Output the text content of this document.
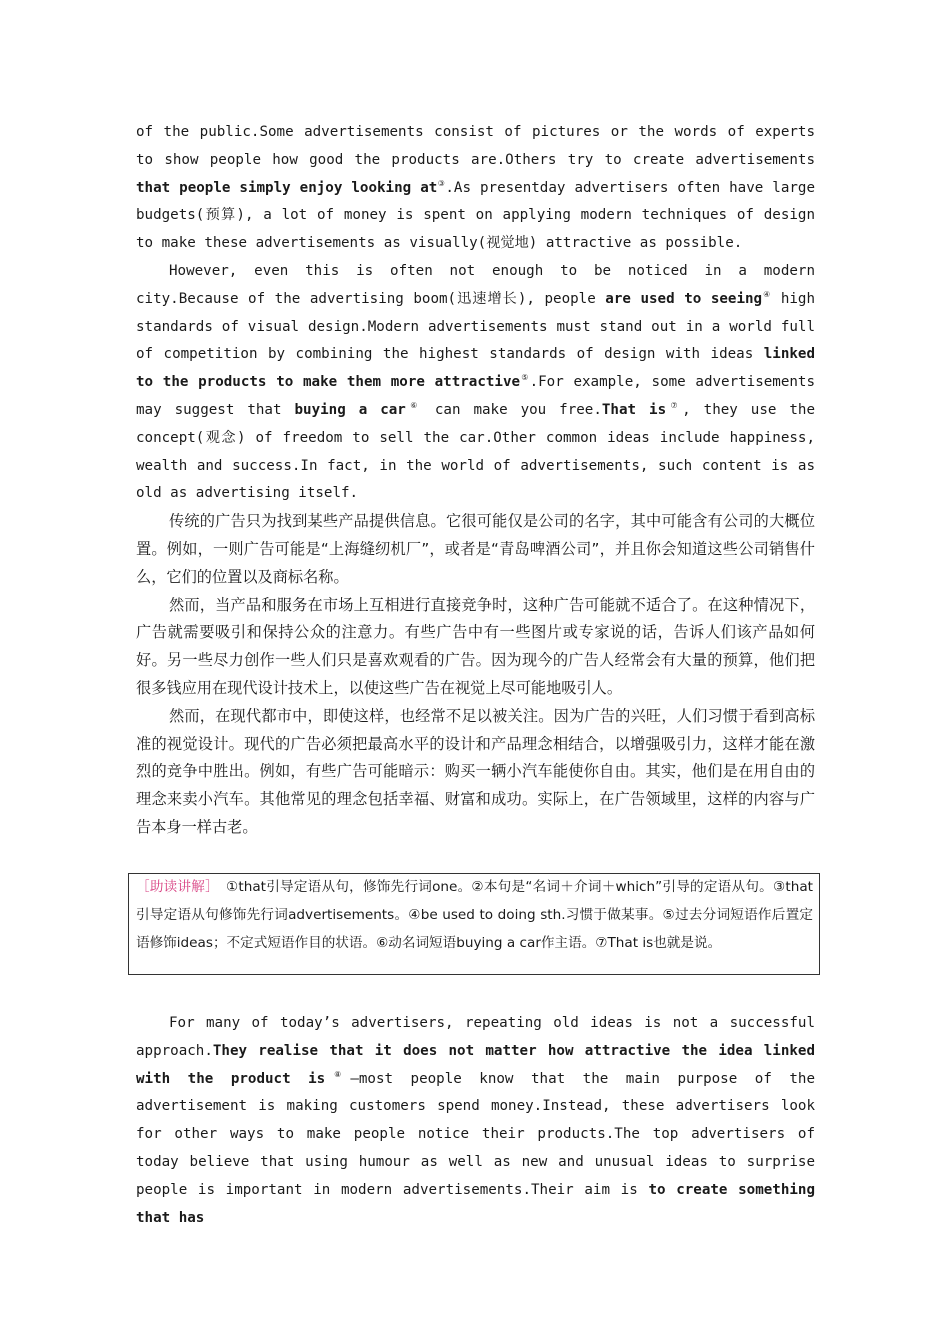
of the public.Some advertisements consist of pictures or the words of experts to show people how good the products are.Others try to create advertisements that people simply enjoy looking at③.As presentday advertisers often have large budgets(预算), a lot of money is spent on applying modern techniques of design to make these advertisements as visually(视觉地) attractive as possible.

However, even this is often not enough to be noticed in a modern city.Because of the advertising boom(迅速增长), people are used to seeing④ high standards of visual design.Modern advertisements must stand out in a world full of competition by combining the highest standards of design with ideas linked to the products to make them more attractive⑤.For example, some advertisements may suggest that buying a car⑥ can make you free.That is⑦, they use the concept(观念) of freedom to sell the car.Other common ideas include happiness, wealth and success.In fact, in the world of advertisements, such content is as old as advertising itself.

传统的广告只为找到某些产品提供信息。它很可能仅是公司的名字，其中可能含有公司的大概位置。例如，一则广告可能是“上海缝纫机厂”，或者是“青岛啤酒公司”，并且你会知道这些公司销售什么，它们的位置以及商标名称。

然而，当产品和服务在市场上互相进行直接竞争时，这种广告可能就不适合了。在这种情况下，广告就需要吸引和保持公众的注意力。有些广告中有一些图片或专家说的话，告诉人们该产品如何好。另一些尽力创作一些人们只是喜欢观看的广告。因为现今的广告人经常会有大量的预算，他们把很多钱应用在现代设计技术上，以使这些广告在视觉上尽可能地吸引人。

然而，在现代都市中，即使这样，也经常不足以被关注。因为广告的兴旺，人们习惯于看到高标准的视觉设计。现代的广告必须把最高水平的设计和产品理念相结合，以增强吸引力，这样才能在激烈的竞争中胜出。例如，有些广告可能暗示：购买一辆小汽车能使你自由。其实，他们是在用自由的理念来卖小汽车。其他常见的理念包括幸福、财富和成功。实际上，在广告领域里，这样的内容与广告本身一样古老。

［助读讲解］　①that引导定语从句，修饰先行词one。②本句是“名词＋介词＋which”引导的定语从句。③that引导定语从句修饰先行词advertisements。④be used to doing sth.习惯于做某事。⑤过去分词短语作后置定语修饰ideas；不定式短语作目的状语。⑥动名词短语buying a car作主语。⑦That is也就是说。

For many of today’s advertisers, repeating old ideas is not a successful approach.They realise that it does not matter how attractive the idea linked with the product is⑧—most people know that the main purpose of the advertisement is making customers spend money.Instead, these advertisers look for other ways to make people notice their products.The top advertisers of today believe that using humour as well as new and unusual ideas to surprise people is important in modern advertisements.Their aim is to create something that has
